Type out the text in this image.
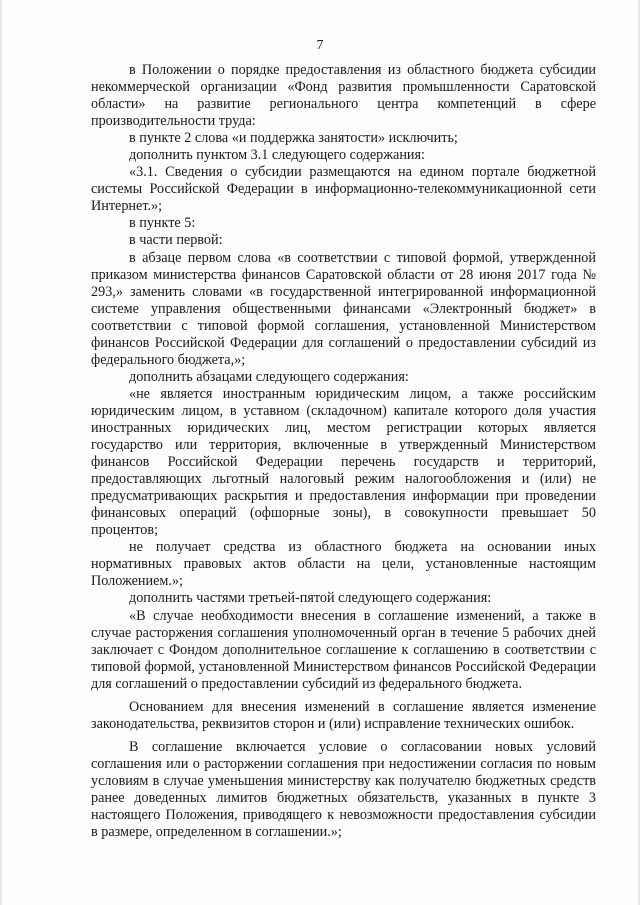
7

в Положении о порядке предоставления из областного бюджета субсидии некоммерческой организации «Фонд развития промышленности Саратовской области» на развитие регионального центра компетенций в сфере производительности труда:

в пункте 2 слова «и поддержка занятости» исключить;

дополнить пунктом 3.1 следующего содержания:

«3.1. Сведения о субсидии размещаются на едином портале бюджетной системы Российской Федерации в информационно-телекоммуникационной сети Интернет.»;

в пункте 5:

в части первой:

в абзаце первом слова «в соответствии с типовой формой, утвержденной приказом министерства финансов Саратовской области от 28 июня 2017 года № 293,» заменить словами «в государственной интегрированной информационной системе управления общественными финансами «Электронный бюджет» в соответствии с типовой формой соглашения, установленной Министерством финансов Российской Федерации для соглашений о предоставлении субсидий из федерального бюджета,»;

дополнить абзацами следующего содержания:

«не является иностранным юридическим лицом, а также российским юридическим лицом, в уставном (складочном) капитале которого доля участия иностранных юридических лиц, местом регистрации которых является государство или территория, включенные в утвержденный Министерством финансов Российской Федерации перечень государств и территорий, предоставляющих льготный налоговый режим налогообложения и (или) не предусматривающих раскрытия и предоставления информации при проведении финансовых операций (офшорные зоны), в совокупности превышает 50 процентов;

не получает средства из областного бюджета на основании иных нормативных правовых актов области на цели, установленные настоящим Положением.»;

дополнить частями третьей-пятой следующего содержания:

«В случае необходимости внесения в соглашение изменений, а также в случае расторжения соглашения уполномоченный орган в течение 5 рабочих дней заключает с Фондом дополнительное соглашение к соглашению в соответствии с типовой формой, установленной Министерством финансов Российской Федерации для соглашений о предоставлении субсидий из федерального бюджета.

Основанием для внесения изменений в соглашение является изменение законодательства, реквизитов сторон и (или) исправление технических ошибок.

В соглашение включается условие о согласовании новых условий соглашения или о расторжении соглашения при недостижении согласия по новым условиям в случае уменьшения министерству как получателю бюджетных средств ранее доведенных лимитов бюджетных обязательств, указанных в пункте 3 настоящего Положения, приводящего к невозможности предоставления субсидии в размере, определенном в соглашении.»;
